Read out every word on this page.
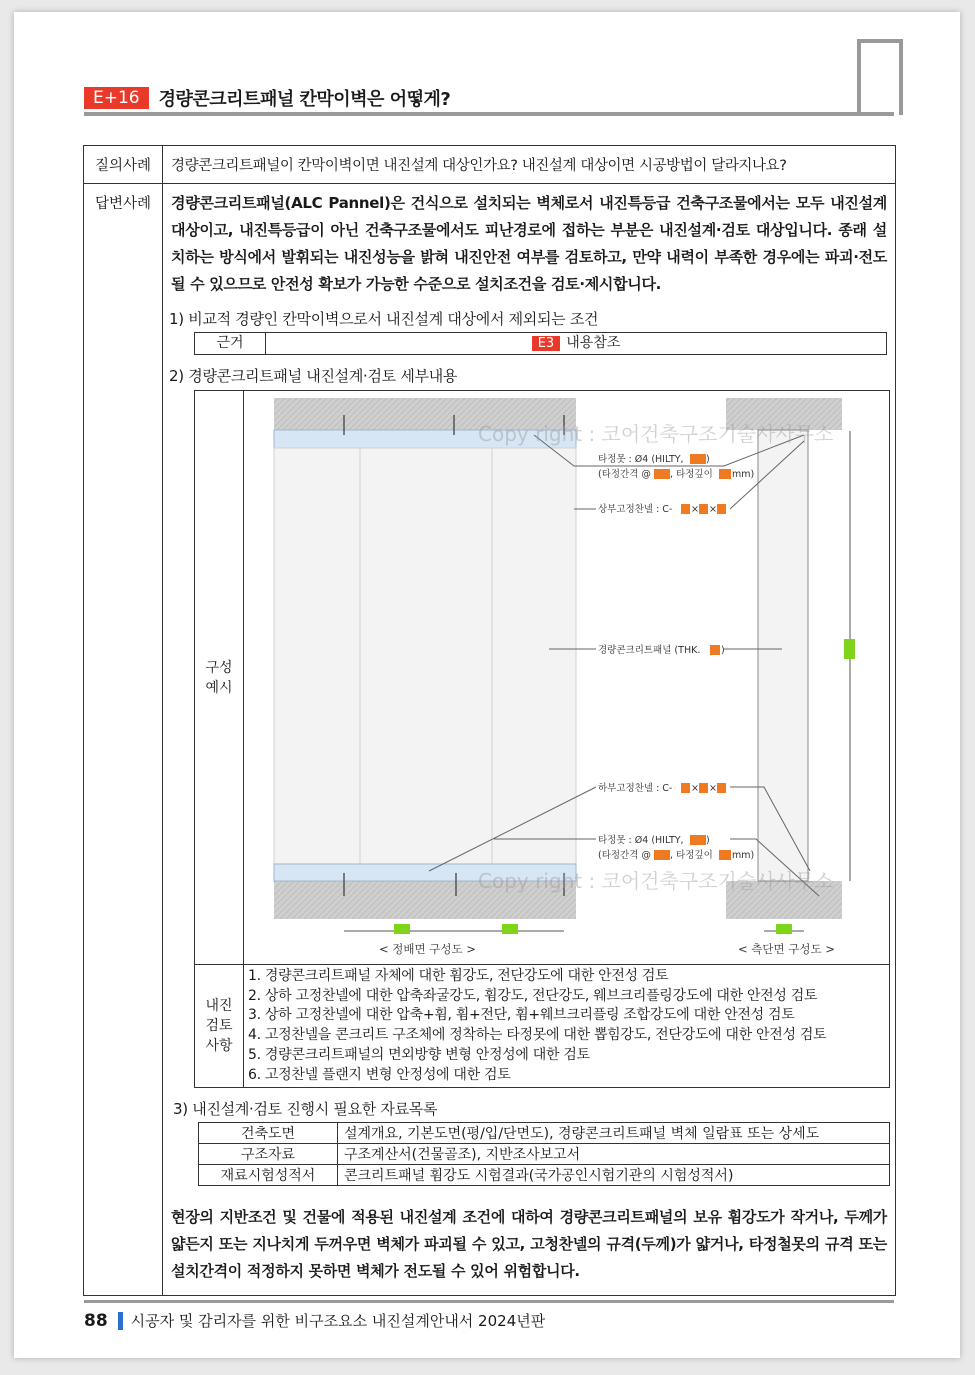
E+16	경량콘크리트패널 칸막이벽은 어떻게?
질의사례	경량콘크리트패널이 칸막이벽이면 내진설계 대상인가요? 내진설계 대상이면 시공방법이 달라지나요?
답변사례	경량콘크리트패널(ALC Pannel)은 건식으로 설치되는 벽체로서 내진특등급 건축구조물에서는 모두 내진설계 대상이고, 내진특등급이 아닌 건축구조물에서도 피난경로에 접하는 부분은 내진설계·검토 대상입니다. 종래 설치하는 방식에서 발휘되는 내진성능을 밝혀 내진안전 여부를 검토하고, 만약 내력이 부족한 경우에는 파괴·전도될 수 있으므로 안전성 확보가 가능한 수준으로 설치조건을 검토·제시합니다.
1) 비교적 경량인 칸막이벽으로서 내진설계 대상에서 제외되는 조건
근거	E3 내용참조
2) 경량콘크리트패널 내진설계·검토 세부내용
구성
예시	
타정못 : Ø4 (HILTY, )
(타정간격 @ , 타정깊이 mm)
상부고정찬넬 : C- × ×
경량콘크리트패널 (THK. )
하부고정찬넬 : C- × ×
타정못 : Ø4 (HILTY, )
(타정간격 @ , 타정깊이 mm)
< 정배면 구성도 >	< 측단면 구성도 >
Copy right : 코어건축구조기술사사무소
Copy right : 코어건축구조기술사사무소

내진
검토
사항	
1. 경량콘크리트패널 자체에 대한 휨강도, 전단강도에 대한 안전성 검토
2. 상하 고정찬넬에 대한 압축좌굴강도, 휨강도, 전단강도, 웨브크리플링강도에 대한 안전성 검토
3. 상하 고정찬넬에 대한 압축+휨, 휨+전단, 휨+웨브크리플링 조합강도에 대한 안전성 검토
4. 고정찬넬을 콘크리트 구조체에 정착하는 타정못에 대한 뽑힘강도, 전단강도에 대한 안전성 검토
5. 경량콘크리트패널의 면외방향 변형 안정성에 대한 검토
6. 고정찬넬 플랜지 변형 안정성에 대한 검토
3) 내진설계·검토 진행시 필요한 자료목록
건축도면	설계개요, 기본도면(평/입/단면도), 경량콘크리트패널 벽체 일람표 또는 상세도
구조자료	구조계산서(건물골조), 지반조사보고서
재료시험성적서	콘크리트패널 휨강도 시험결과(국가공인시험기관의 시험성적서)
현장의 지반조건 및 건물에 적용된 내진설계 조건에 대하여 경량콘크리트패널의 보유 휨강도가 작거나, 두께가 얇든지 또는 지나치게 두꺼우면 벽체가 파괴될 수 있고, 고청찬넬의 규격(두께)가 얇거나, 타정철못의 규격 또는 설치간격이 적정하지 못하면 벽체가 전도될 수 있어 위험합니다.
88 시공자 및 감리자를 위한 비구조요소 내진설계안내서 2024년판
